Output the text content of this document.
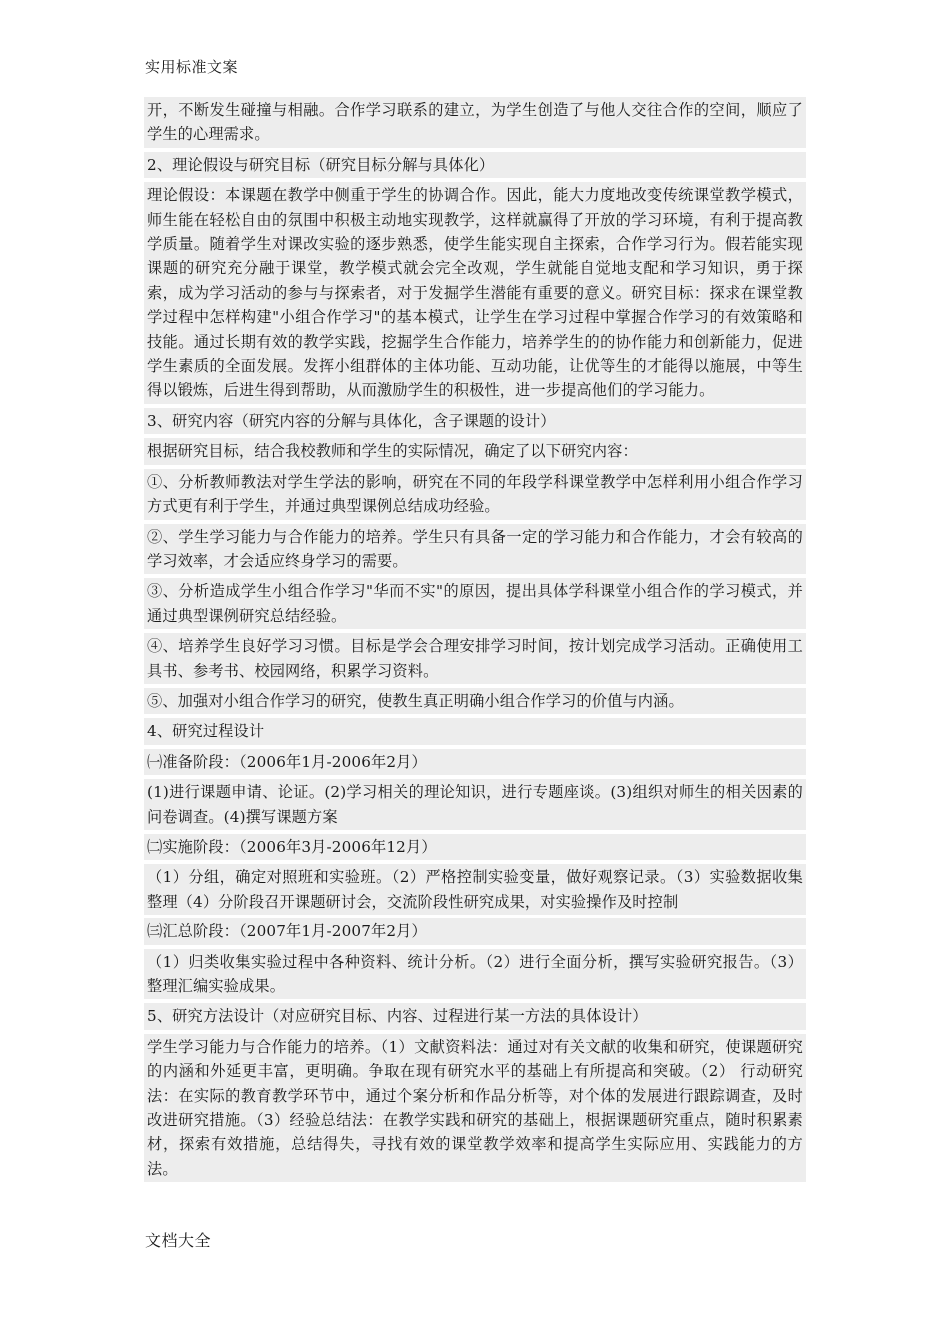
实用标准文案
开，不断发生碰撞与相融。合作学习联系的建立，为学生创造了与他人交往合作的空间，顺应了学生的心理需求。
2、理论假设与研究目标（研究目标分解与具体化）
理论假设：本课题在教学中侧重于学生的协调合作。因此，能大力度地改变传统课堂教学模式，师生能在轻松自由的氛围中积极主动地实现教学，这样就赢得了开放的学习环境，有利于提高教学质量。随着学生对课改实验的逐步熟悉，使学生能实现自主探索，合作学习行为。假若能实现课题的研究充分融于课堂，教学模式就会完全改观，学生就能自觉地支配和学习知识，勇于探索，成为学习活动的参与与探索者，对于发掘学生潜能有重要的意义。研究目标：探求在课堂教学过程中怎样构建"小组合作学习"的基本模式，让学生在学习过程中掌握合作学习的有效策略和技能。通过长期有效的教学实践，挖掘学生合作能力，培养学生的的协作能力和创新能力，促进学生素质的全面发展。发挥小组群体的主体功能、互动功能，让优等生的才能得以施展，中等生得以锻炼，后进生得到帮助，从而激励学生的积极性，进一步提高他们的学习能力。
3、研究内容（研究内容的分解与具体化，含子课题的设计）
根据研究目标，结合我校教师和学生的实际情况，确定了以下研究内容：
①、分析教师教法对学生学法的影响，研究在不同的年段学科课堂教学中怎样利用小组合作学习方式更有利于学生，并通过典型课例总结成功经验。
②、学生学习能力与合作能力的培养。学生只有具备一定的学习能力和合作能力，才会有较高的学习效率，才会适应终身学习的需要。
③、分析造成学生小组合作学习"华而不实"的原因，提出具体学科课堂小组合作的学习模式，并通过典型课例研究总结经验。
④、培养学生良好学习习惯。目标是学会合理安排学习时间，按计划完成学习活动。正确使用工具书、参考书、校园网络，积累学习资料。
⑤、加强对小组合作学习的研究，使教生真正明确小组合作学习的价值与内涵。
4、研究过程设计
㈠准备阶段：（2006年1月-2006年2月）
(1)进行课题申请、论证。(2)学习相关的理论知识，进行专题座谈。(3)组织对师生的相关因素的问卷调查。(4)撰写课题方案
㈡实施阶段：（2006年3月-2006年12月）
（1）分组，确定对照班和实验班。（2）严格控制实验变量，做好观察记录。（3）实验数据收集整理（4）分阶段召开课题研讨会，交流阶段性研究成果，对实验操作及时控制
㈢汇总阶段：（2007年1月-2007年2月）
（1）归类收集实验过程中各种资料、统计分析。（2）进行全面分析，撰写实验研究报告。（3）整理汇编实验成果。
5、研究方法设计（对应研究目标、内容、过程进行某一方法的具体设计）
学生学习能力与合作能力的培养。（1）文献资料法：通过对有关文献的收集和研究，使课题研究的内涵和外延更丰富，更明确。争取在现有研究水平的基础上有所提高和突破。（2） 行动研究法：在实际的教育教学环节中，通过个案分析和作品分析等，对个体的发展进行跟踪调查，及时改进研究措施。（3）经验总结法：在教学实践和研究的基础上，根据课题研究重点，随时积累素材，探索有效措施，总结得失，寻找有效的课堂教学效率和提高学生实际应用、实践能力的方法。
文档大全
